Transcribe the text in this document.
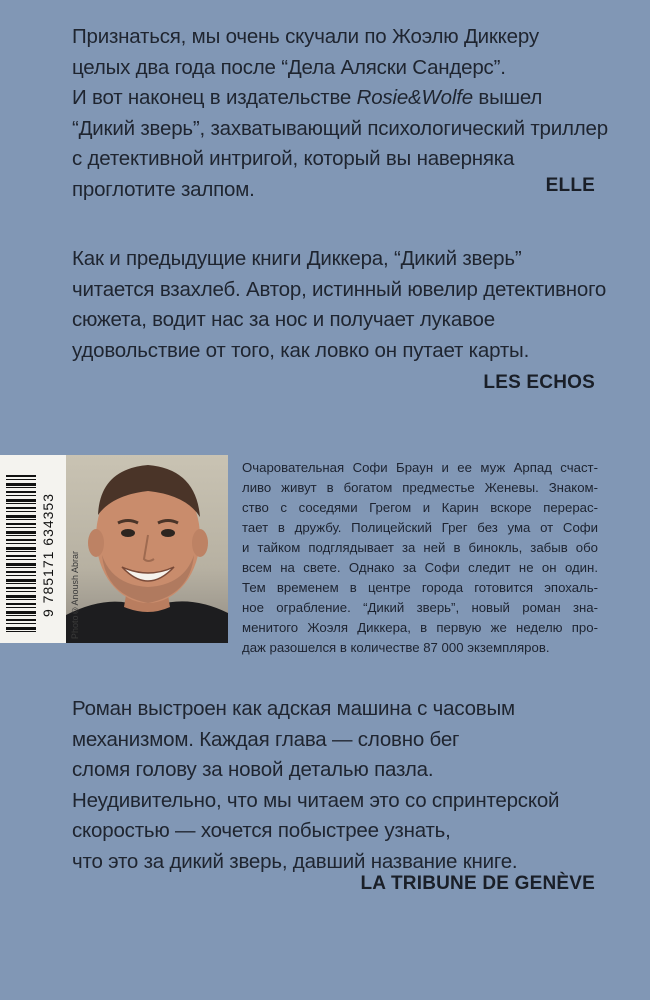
Признаться, мы очень скучали по Жоэлю Диккеру
целых два года после “Дела Аляски Сандерс”.
И вот наконец в издательстве Rosie&Wolfe вышел
“Дикий зверь”, захватывающий психологический триллер
с детективной интригой, который вы наверняка
проглотите залпом.	ELLE
Как и предыдущие книги Диккера, “Дикий зверь”
читается взахлеб. Автор, истинный ювелир детективного
сюжета, водит нас за нос и получает лукавое
удовольствие от того, как ловко он путает карты.
LES ECHOS
9 785171 634353	Photo©Anoush Abrar
Очаровательная Софи Браун и ее муж Арпад счаст-
ливо живут в богатом предместье Женевы. Знаком-
ство с соседями Грегом и Карин вскоре перерас-
тает в дружбу. Полицейский Грег без ума от Софи
и тайком подглядывает за ней в бинокль, забыв обо
всем на свете. Однако за Софи следит не он один.
Тем временем в центре города готовится эпохаль-
ное ограбление. “Дикий зверь”, новый роман зна-
менитого Жоэля Диккера, в первую же неделю про-
даж разошелся в количестве 87 000 экземпляров.
Роман выстроен как адская машина с часовым
механизмом. Каждая глава — словно бег
сломя голову за новой деталью пазла.
Неудивительно, что мы читаем это со спринтерской
скоростью — хочется побыстрее узнать,
что это за дикий зверь, давший название книге.
LA TRIBUNE DE GENÈVE
